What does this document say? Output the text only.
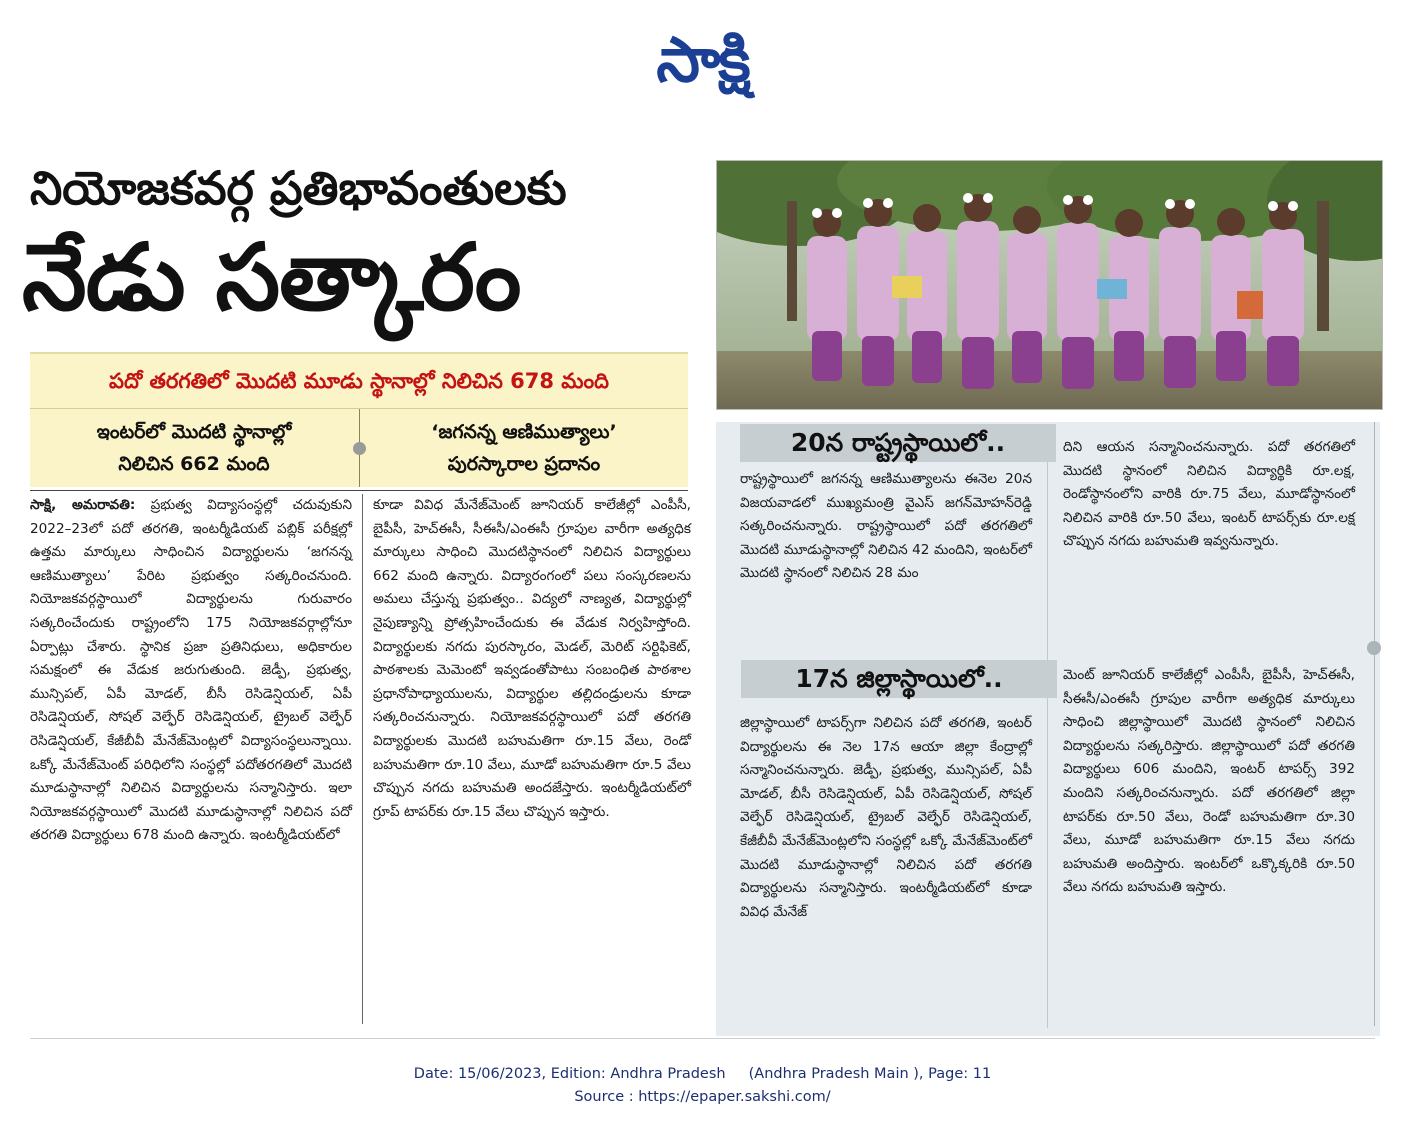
సాక్షి
నియోజకవర్గ ప్రతిభావంతులకు
నేడు సత్కారం
పదో తరగతిలో మొదటి మూడు స్థానాల్లో నిలిచిన 678 మంది
ఇంటర్‌లో మొదటి స్థానాల్లో
నిలిచిన 662 మంది
‘జగనన్న ఆణిముత్యాలు’
పురస్కారాల ప్రదానం
సాక్షి, అమరావతి: ప్రభుత్వ విద్యాసంస్థల్లో చదువుకుని 2022–23లో పదో తరగతి, ఇంటర్మీడియట్ పబ్లిక్ పరీక్షల్లో ఉత్తమ మార్కులు సాధించిన విద్యార్థులను ‘జగనన్న ఆణిముత్యాలు’ పేరిట ప్రభుత్వం సత్కరించనుంది. నియోజకవర్గస్థాయిలో విద్యార్థులను గురువారం సత్కరించేందుకు రాష్ట్రంలోని 175 నియోజకవర్గాల్లోనూ ఏర్పాట్లు చేశారు. స్థానిక ప్రజా ప్రతినిధులు, అధికారుల సమక్షంలో ఈ వేడుక జరుగుతుంది. జెడ్పీ, ప్రభుత్వ, మున్సిపల్, ఏపీ మోడల్, బీసీ రెసిడెన్షియల్, ఏపీ రెసిడెన్షియల్, సోషల్ వెల్ఫేర్ రెసిడెన్షియల్, ట్రైబల్ వెల్ఫేర్ రెసిడెన్షియల్, కేజీబీవీ మేనేజ్‌మెంట్లలో విద్యాసంస్థలున్నాయి. ఒక్కో మేనేజ్‌మెంట్ పరిధిలోని సంస్థల్లో పదోతరగతిలో మొదటి మూడుస్థానాల్లో నిలిచిన విద్యార్థులను సన్మానిస్తారు. ఇలా నియోజకవర్గస్థాయిలో మొదటి మూడుస్థానాల్లో నిలిచిన పదో తరగతి విద్యార్థులు 678 మంది ఉన్నారు. ఇంటర్మీడియట్‌లో
కూడా వివిధ మేనేజ్‌మెంట్ జూనియర్ కాలేజీల్లో ఎంపీసీ, బైపీసీ, హెచ్‌ఈసీ, సీఈసీ/ఎంఈసీ గ్రూపుల వారీగా అత్యధిక మార్కులు సాధించి మొదటిస్థానంలో నిలిచిన విద్యార్థులు 662 మంది ఉన్నారు. విద్యారంగంలో పలు సంస్కరణలను అమలు చేస్తున్న ప్రభుత్వం.. విద్యలో నాణ్యత, విద్యార్థుల్లో నైపుణ్యాన్ని ప్రోత్సహించేందుకు ఈ వేడుక నిర్వహిస్తోంది. విద్యార్థులకు నగదు పురస్కారం, మెడల్, మెరిట్ సర్టిఫికెట్, పాఠశాలకు మెమెంటో ఇవ్వడంతోపాటు సంబంధిత పాఠశాల ప్రధానోపాధ్యాయులను, విద్యార్థుల తల్లిదండ్రులను కూడా సత్కరించనున్నారు. నియోజకవర్గస్థాయిలో పదో తరగతి విద్యార్థులకు మొదటి బహుమతిగా రూ.15 వేలు, రెండో బహుమతిగా రూ.10 వేలు, మూడో బహుమతిగా రూ.5 వేలు చొప్పున నగదు బహుమతి అందజేస్తారు. ఇంటర్మీడియట్‌లో గ్రూప్ టాపర్‌కు రూ.15 వేలు చొప్పున ఇస్తారు.
20న రాష్ట్రస్థాయిలో..
రాష్ట్రస్థాయిలో జగనన్న ఆణిముత్యాలను ఈనెల 20న విజయవాడలో ముఖ్యమంత్రి వైఎస్ జగన్‌మోహన్‌రెడ్డి సత్కరించనున్నారు. రాష్ట్రస్థాయిలో పదో తరగతిలో మొదటి మూడుస్థానాల్లో నిలిచిన 42 మందిని, ఇంటర్‌లో మొదటి స్థానంలో నిలిచిన 28 మం
దిని ఆయన సన్మానించనున్నారు. పదో తరగతిలో మొదటి స్థానంలో నిలిచిన విద్యార్థికి రూ.లక్ష, రెండోస్థానంలోని వారికి రూ.75 వేలు, మూడోస్థానంలో నిలిచిన వారికి రూ.50 వేలు, ఇంటర్ టాపర్స్‌కు రూ.లక్ష చొప్పున నగదు బహుమతి ఇవ్వనున్నారు.
17న జిల్లాస్థాయిలో..
జిల్లాస్థాయిలో టాపర్స్‌గా నిలిచిన పదో తరగతి, ఇంటర్ విద్యార్థులను ఈ నెల 17న ఆయా జిల్లా కేంద్రాల్లో సన్మానించనున్నారు. జెడ్పీ, ప్రభుత్వ, మున్సిపల్, ఏపీ మోడల్, బీసీ రెసిడెన్షియల్, ఏపీ రెసిడెన్షియల్, సోషల్ వెల్ఫేర్ రెసిడెన్షియల్, ట్రైబల్ వెల్ఫేర్ రెసిడెన్షియల్, కేజీబీవీ మేనేజ్‌మెంట్లలోని సంస్థల్లో ఒక్కో మేనేజ్‌మెంట్‌లో మొదటి మూడుస్థానాల్లో నిలిచిన పదో తరగతి విద్యార్థులను సన్మానిస్తారు. ఇంటర్మీడియట్‌లో కూడా వివిధ మేనేజ్
మెంట్ జూనియర్ కాలేజీల్లో ఎంపీసీ, బైపీసీ, హెచ్‌ఈసీ, సీఈసీ/ఎంఈసీ గ్రూపుల వారీగా అత్యధిక మార్కులు సాధించి జిల్లాస్థాయిలో మొదటి స్థానంలో నిలిచిన విద్యార్థులను సత్కరిస్తారు. జిల్లాస్థాయిలో పదో తరగతి విద్యార్థులు 606 మందిని, ఇంటర్ టాపర్స్ 392 మందిని సత్కరించనున్నారు. పదో తరగతిలో జిల్లా టాపర్‌కు రూ.50 వేలు, రెండో బహుమతిగా రూ.30 వేలు, మూడో బహుమతిగా రూ.15 వేలు నగదు బహుమతి అందిస్తారు. ఇంటర్‌లో ఒక్కొక్కరికి రూ.50 వేలు నగదు బహుమతి ఇస్తారు.
Date: 15/06/2023, Edition: Andhra Pradesh     (Andhra Pradesh Main ), Page: 11
Source : https://epaper.sakshi.com/
